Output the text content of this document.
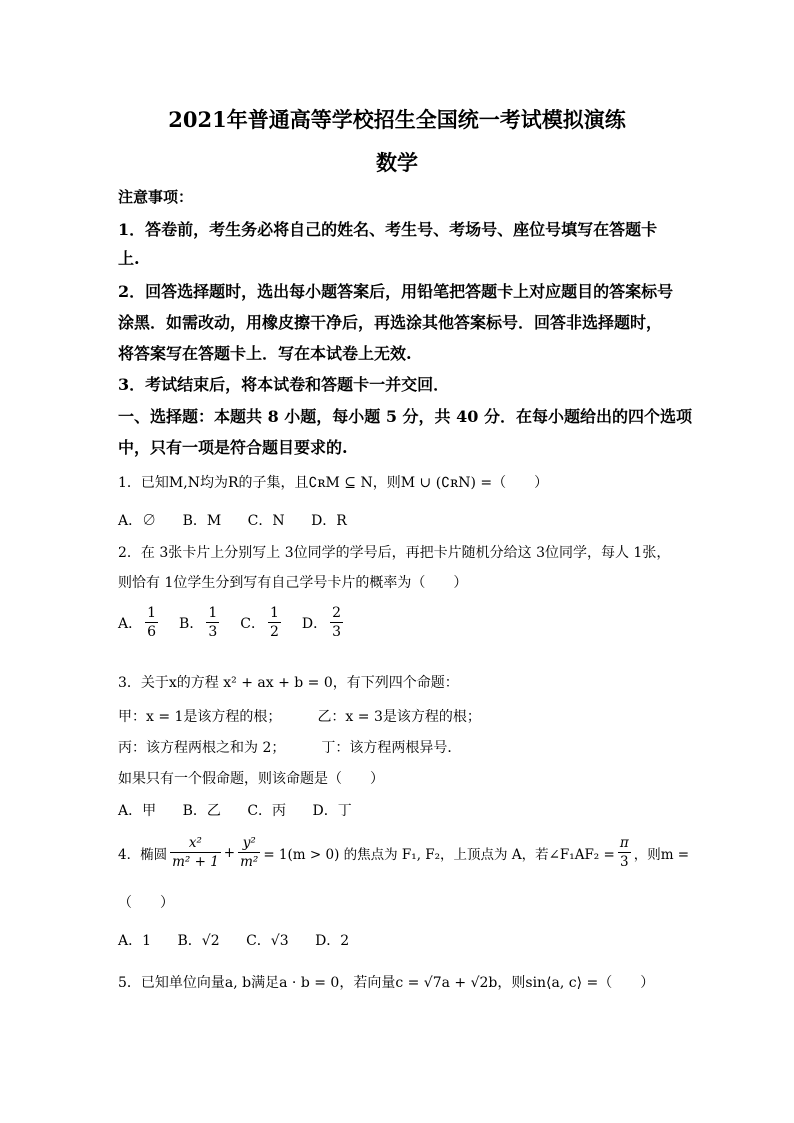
2021年普通高等学校招生全国统一考试模拟演练
数学
注意事项：
1．答卷前，考生务必将自己的姓名、考生号、考场号、座位号填写在答题卡
上.
2．回答选择题时，选出每小题答案后，用铅笔把答题卡上对应题目的答案标号
涂黑．如需改动，用橡皮擦干净后，再选涂其他答案标号．回答非选择题时，
将答案写在答题卡上．写在本试卷上无效.
3．考试结束后，将本试卷和答题卡一并交回．
一、选择题：本题共 8 小题，每小题 5 分，共 40 分．在每小题给出的四个选项
中，只有一项是符合题目要求的.
1．已知M,N均为R的子集，且∁ʀM ⊆ N，则M ∪ (∁ʀN) =（　　）
A．∅ B．M C．N D．R
2．在 3张卡片上分别写上 3位同学的学号后，再把卡片随机分给这 3位同学，每人 1张，
则恰有 1位学生分到写有自己学号卡片的概率为（　　）
A． $\frac{1}{6}$ B． $\frac{1}{3}$ C． $\frac{1}{2}$ D． $\frac{2}{3}$
3．关于x的方程 x² + ax + b = 0，有下列四个命题：
甲：x = 1是该方程的根；	乙：x = 3是该方程的根；
丙：该方程两根之和为 2；	丁：该方程两根异号．
如果只有一个假命题，则该命题是（　　）
A．甲 B．乙 C．丙 D．丁
4．椭圆 $\frac{\text{x²}}{\text{m² + 1}} + \frac{\text{y²}}{\text{m²}} = 1(m > 0)$ 的焦点为 F₁, F₂，上顶点为 A，若∠F₁AF₂ = $\frac{\pi}{3}$ ，则m =
（　　）
A．1 B．√2 C．√3 D．2
5．已知单位向量a, b满足a · b = 0，若向量c = √7a + √2b，则sin⟨a, c⟩ =（　　）
